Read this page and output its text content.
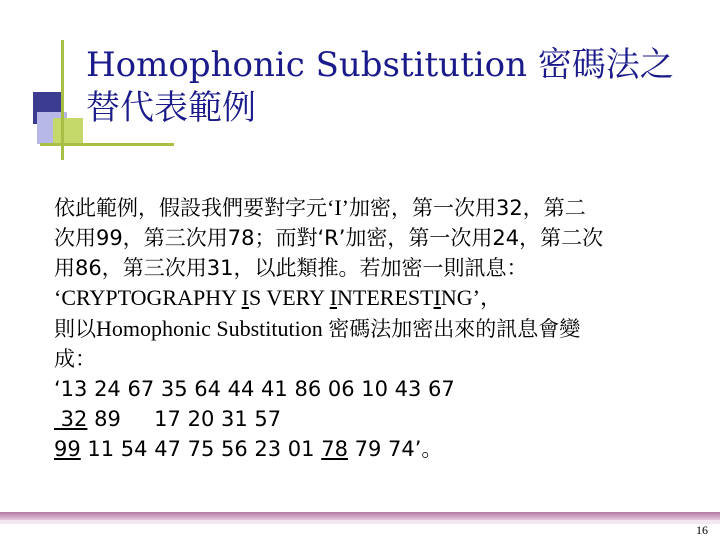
Homophonic Substitution 密碼法之
替代表範例
依此範例，假設我們要對字元‘I’加密，第一次用32，第二
次用99，第三次用78；而對‘R’加密，第一次用24，第二次
用86，第三次用31，以此類推。若加密一則訊息：
‘CRYPTOGRAPHY IS VERY INTERESTING’，
則以Homophonic Substitution 密碼法加密出來的訊息會變
成：
‘13 24 67 35 64 44 41 86 06 10 43 67
32 89     17 20 31 57
99 11 54 47 75 56 23 01 78 79 74’。
16
